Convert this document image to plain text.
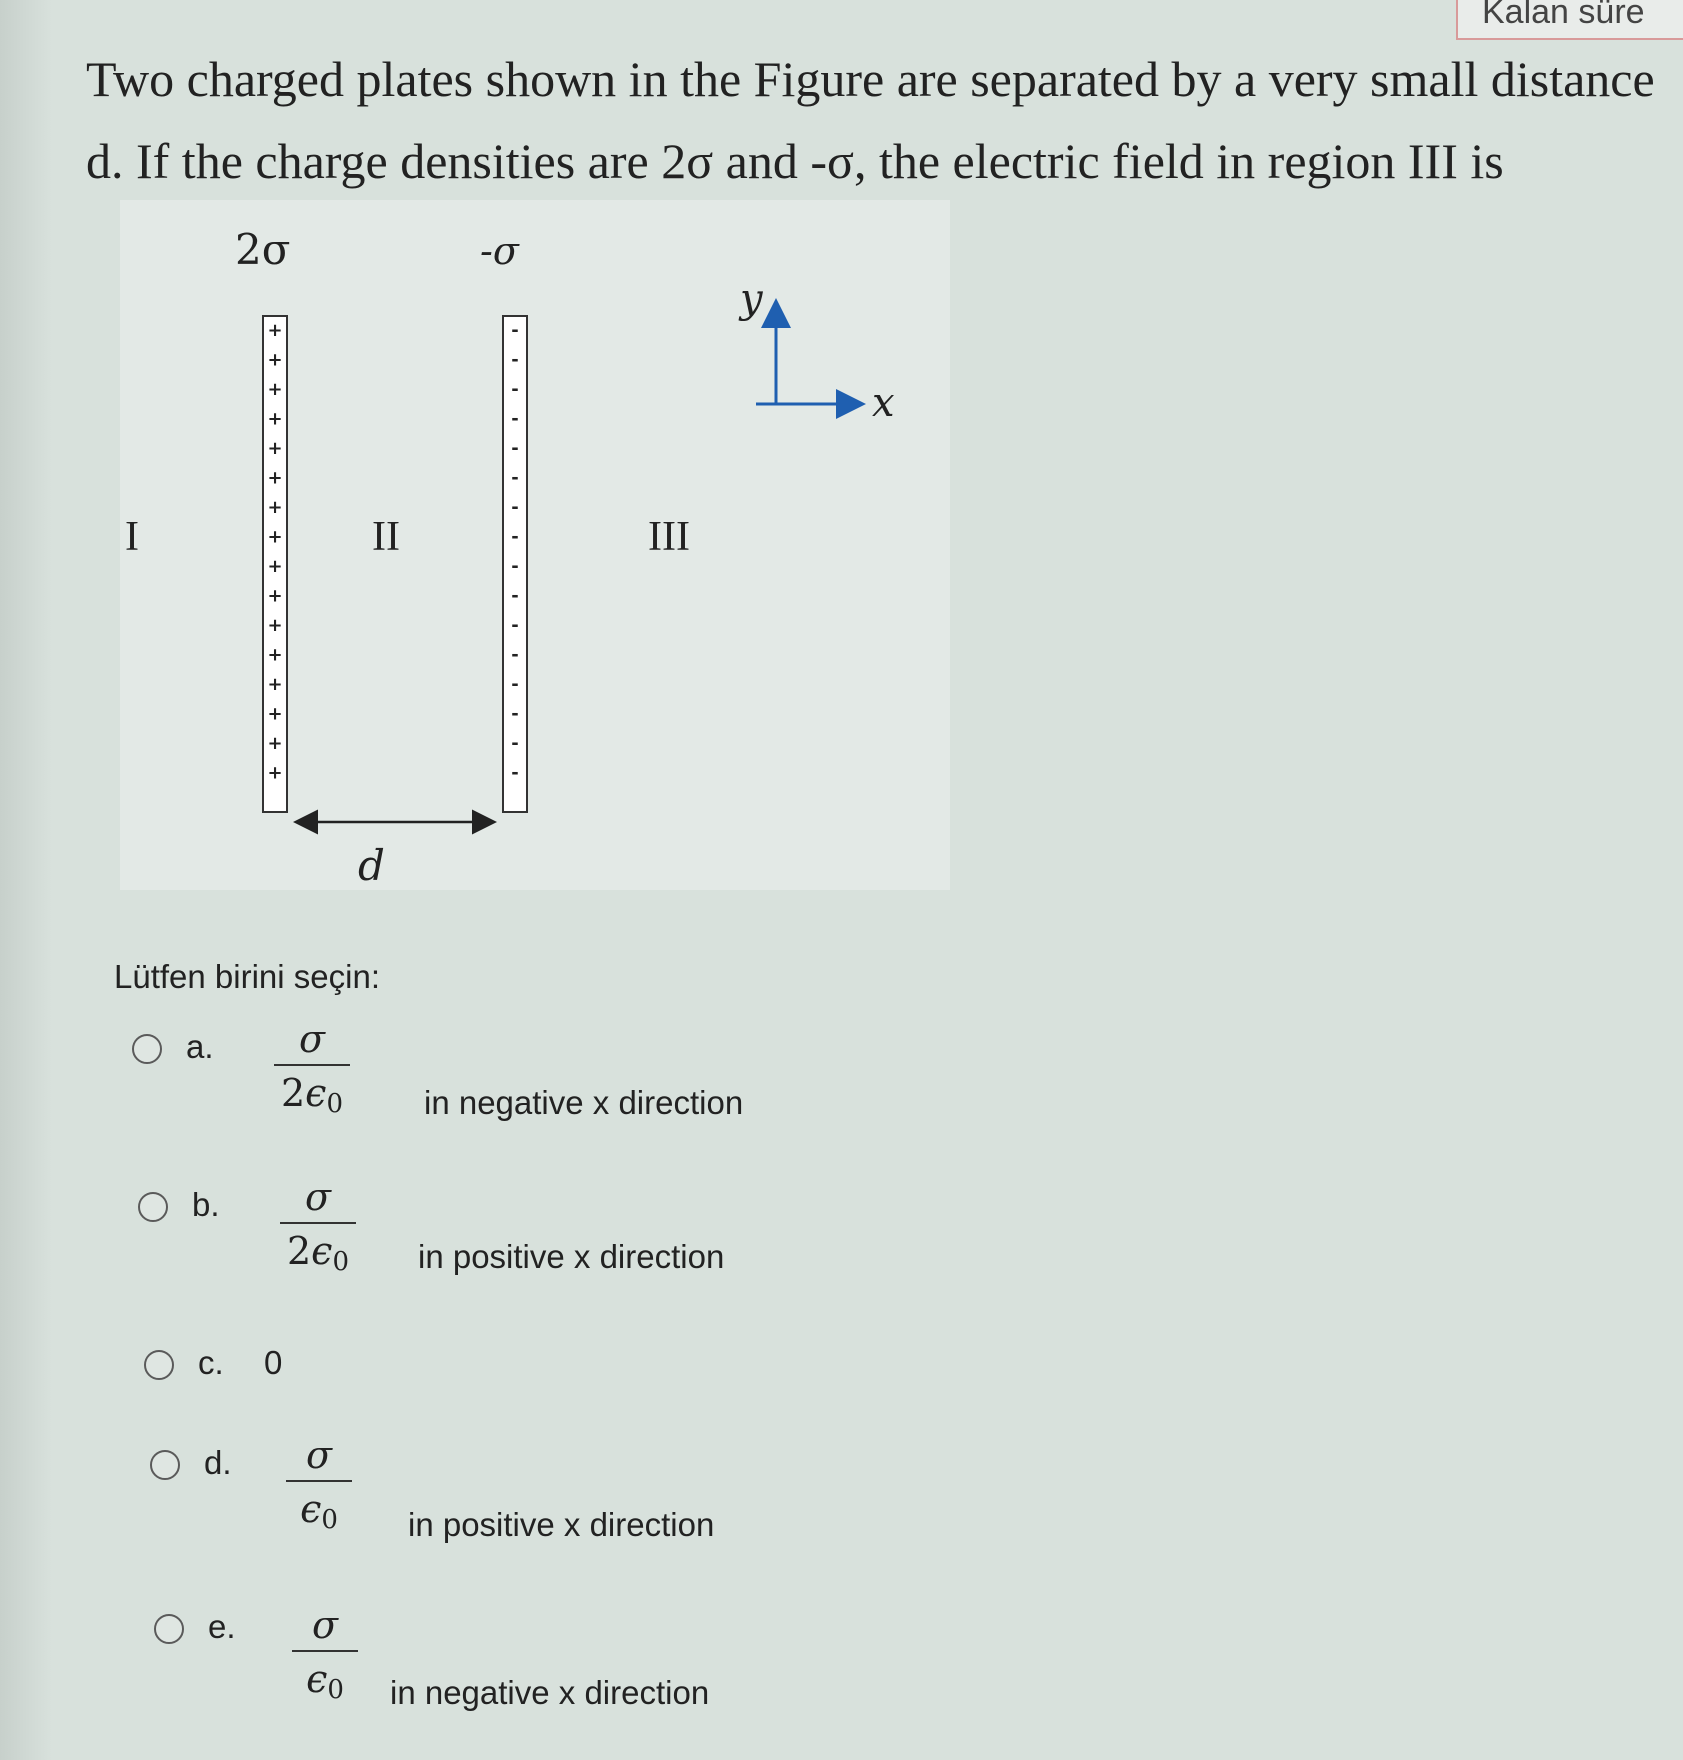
Kalan süre
Two charged plates shown in the Figure are separated by a very small distance
d. If the charge densities are 2σ and -σ, the electric field in region III is
2σ	-σ
+
+
+
+
+
+
+
+
+
+
+
+
+
+
+
+
-
-
-
-
-
-
-
-
-
-
-
-
-
-
-
-
I	II	III
d
y
x
Lütfen birini seçin:
a.	σ
$2\epsilon_0$ in negative x direction
b.	σ
$2\epsilon_0$ in positive x direction
c. 0
d.	σ
$\epsilon_0$	in positive x direction
e.	σ
$\epsilon_0$	in negative x direction
